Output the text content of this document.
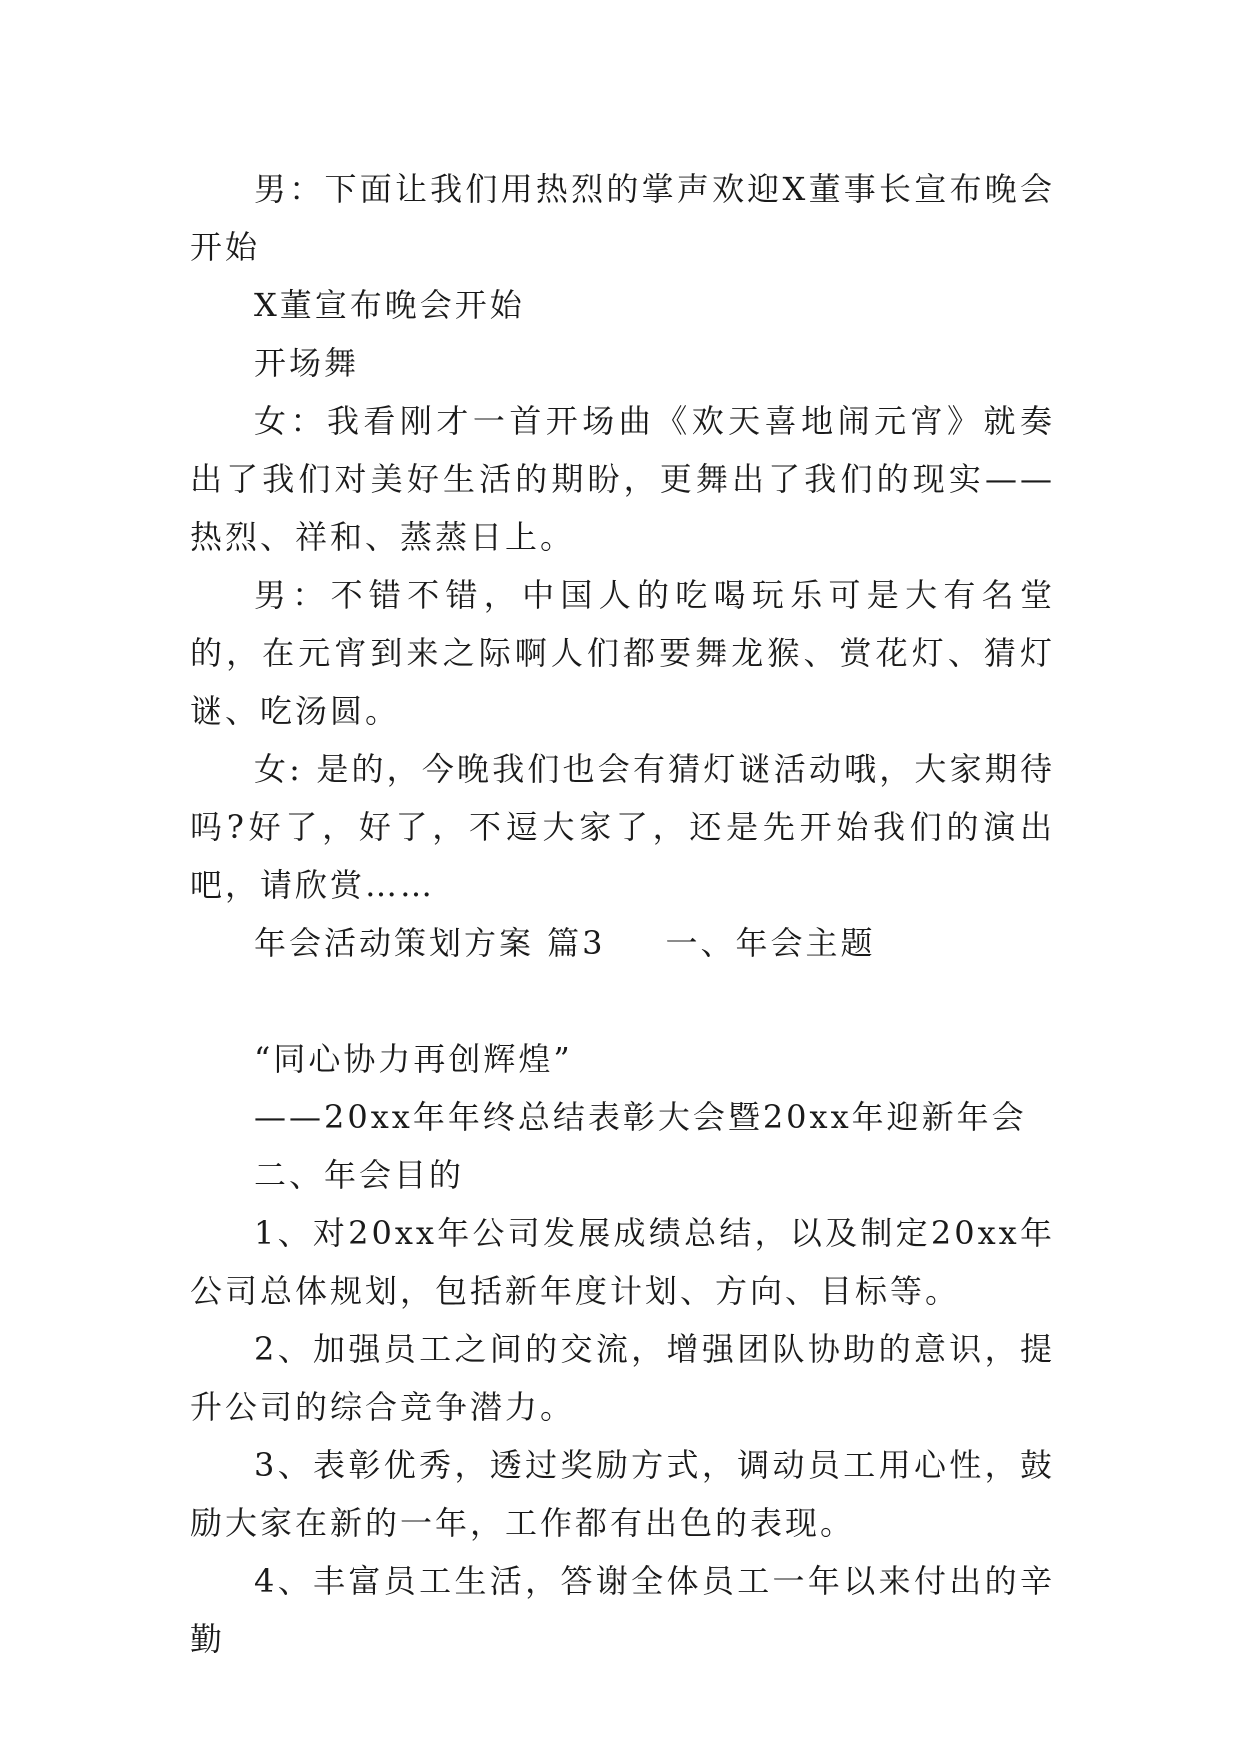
男：下面让我们用热烈的掌声欢迎X董事长宣布晚会开始

X董宣布晚会开始

开场舞

女：我看刚才一首开场曲《欢天喜地闹元宵》就奏出了我们对美好生活的期盼，更舞出了我们的现实——热烈、祥和、蒸蒸日上。

男：不错不错，中国人的吃喝玩乐可是大有名堂的，在元宵到来之际啊人们都要舞龙猴、赏花灯、猜灯谜、吃汤圆。

女: 是的，今晚我们也会有猜灯谜活动哦，大家期待吗?好了，好了，不逗大家了，还是先开始我们的演出吧，请欣赏……

年会活动策划方案 篇3 一、年会主题

“同心协力再创辉煌”

——20xx年年终总结表彰大会暨20xx年迎新年会

二、年会目的

1、对20xx年公司发展成绩总结，以及制定20xx年公司总体规划，包括新年度计划、方向、目标等。

2、加强员工之间的交流，增强团队协助的意识，提升公司的综合竞争潜力。

3、表彰优秀，透过奖励方式，调动员工用心性，鼓励大家在新的一年，工作都有出色的表现。

4、丰富员工生活，答谢全体员工一年以来付出的辛勤
